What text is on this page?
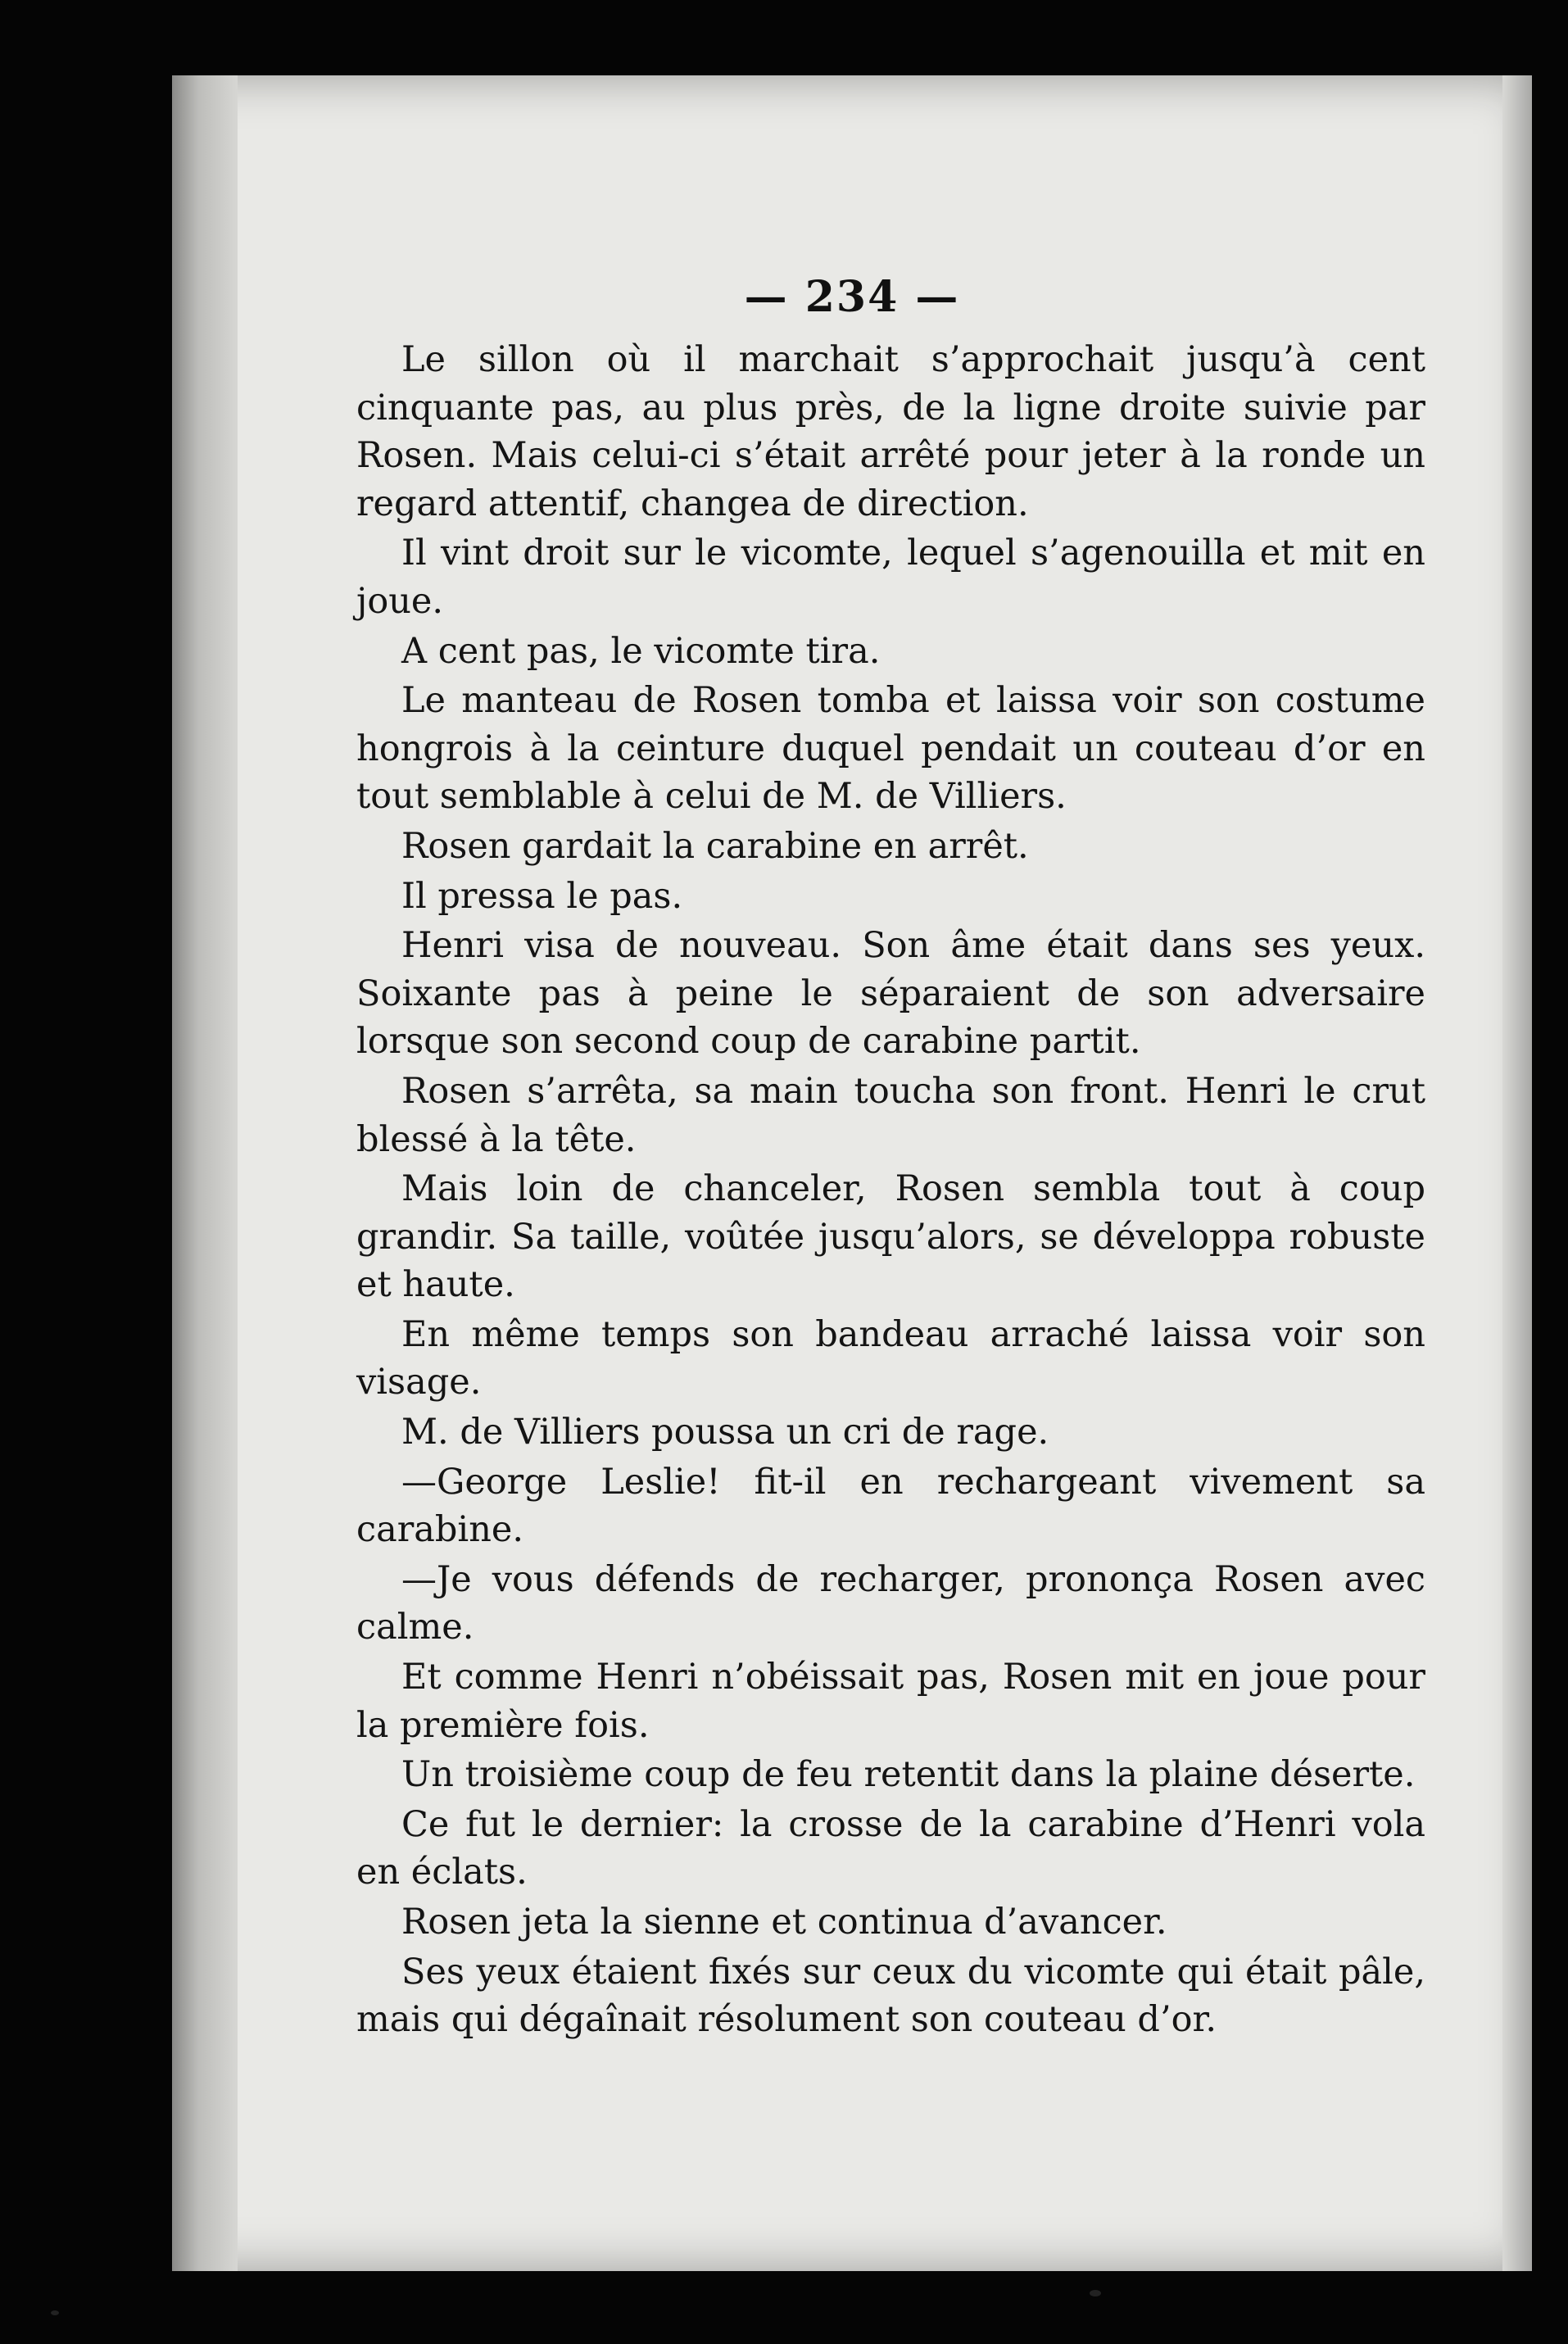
— 234 —

Le sillon où il marchait s’approchait jusqu’à cent cinquante pas, au plus près, de la ligne droite suivie par Rosen. Mais celui-ci s’était arrêté pour jeter à la ronde un regard attentif, changea de direction.

Il vint droit sur le vicomte, lequel s’agenouilla et mit en joue.

A cent pas, le vicomte tira.

Le manteau de Rosen tomba et laissa voir son costume hongrois à la ceinture duquel pendait un couteau d’or en tout semblable à celui de M. de Villiers.

Rosen gardait la carabine en arrêt.

Il pressa le pas.

Henri visa de nouveau. Son âme était dans ses yeux. Soixante pas à peine le séparaient de son adversaire lorsque son second coup de carabine partit.

Rosen s’arrêta, sa main toucha son front. Henri le crut blessé à la tête.

Mais loin de chanceler, Rosen sembla tout à coup grandir. Sa taille, voûtée jusqu’alors, se développa robuste et haute.

En même temps son bandeau arraché laissa voir son visage.

M. de Villiers poussa un cri de rage.

—George Leslie! fit-il en rechargeant vivement sa carabine.

—Je vous défends de recharger, prononça Rosen avec calme.

Et comme Henri n’obéissait pas, Rosen mit en joue pour la première fois.

Un troisième coup de feu retentit dans la plaine déserte.

Ce fut le dernier: la crosse de la carabine d’Henri vola en éclats.

Rosen jeta la sienne et continua d’avancer.

Ses yeux étaient fixés sur ceux du vicomte qui était pâle, mais qui dégaînait résolument son couteau d’or.
